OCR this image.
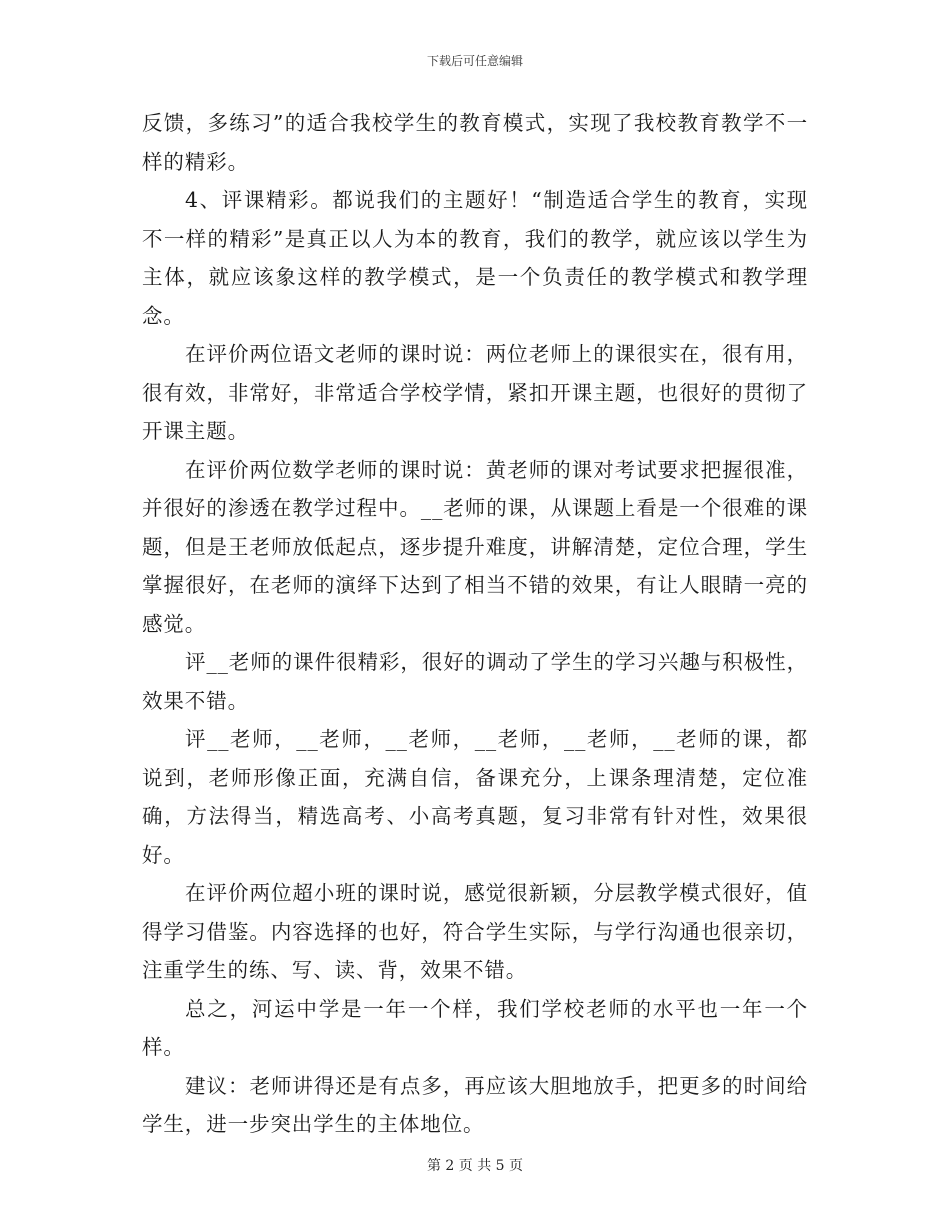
下载后可任意编辑

反馈，多练习”的适合我校学生的教育模式，实现了我校教育教学不一样的精彩。

4、评课精彩。都说我们的主题好！“制造适合学生的教育，实现不一样的精彩”是真正以人为本的教育，我们的教学，就应该以学生为主体，就应该象这样的教学模式，是一个负责任的教学模式和教学理念。

在评价两位语文老师的课时说：两位老师上的课很实在，很有用，很有效，非常好，非常适合学校学情，紧扣开课主题，也很好的贯彻了开课主题。

在评价两位数学老师的课时说：黄老师的课对考试要求把握很准，并很好的渗透在教学过程中。__老师的课，从课题上看是一个很难的课题，但是王老师放低起点，逐步提升难度，讲解清楚，定位合理，学生掌握很好，在老师的演绎下达到了相当不错的效果，有让人眼睛一亮的感觉。

评__老师的课件很精彩，很好的调动了学生的学习兴趣与积极性，效果不错。

评__老师，__老师，__老师，__老师，__老师，__老师的课，都说到，老师形像正面，充满自信，备课充分，上课条理清楚，定位准确，方法得当，精选高考、小高考真题，复习非常有针对性，效果很好。

在评价两位超小班的课时说，感觉很新颖，分层教学模式很好，值得学习借鉴。内容选择的也好，符合学生实际，与学行沟通也很亲切，注重学生的练、写、读、背，效果不错。

总之，河运中学是一年一个样，我们学校老师的水平也一年一个样。

建议：老师讲得还是有点多，再应该大胆地放手，把更多的时间给学生，进一步突出学生的主体地位。

第 2 页 共 5 页
